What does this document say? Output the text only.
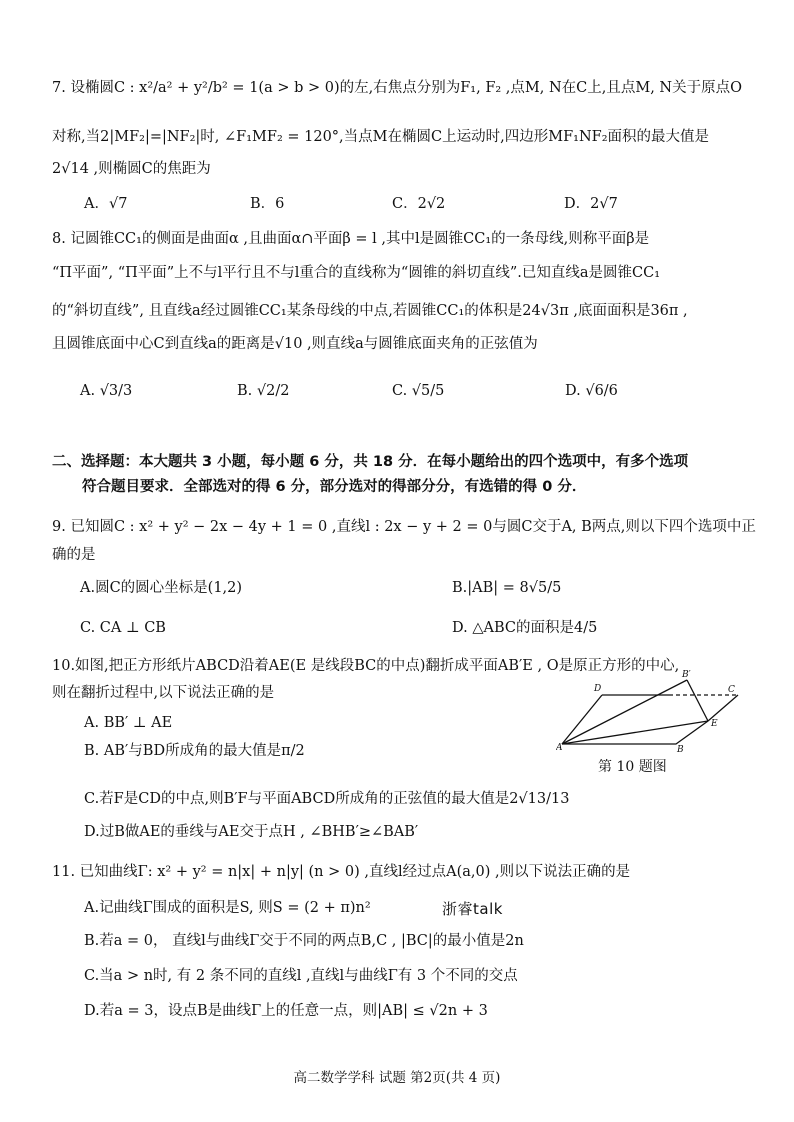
7. 设椭圆C : x²/a² + y²/b² = 1(a > b > 0)的左,右焦点分别为F₁, F₂ ,点M, N在C上,且点M, N关于原点O
对称,当2|MF₂|=|NF₂|时, ∠F₁MF₂ = 120°,当点M在椭圆C上运动时,四边形MF₁NF₂面积的最大值是
2√14 ,则椭圆C的焦距为
A．√7	B．6	C．2√2	D．2√7
8. 记圆锥CC₁的侧面是曲面α ,且曲面α∩平面β = l ,其中l是圆锥CC₁的一条母线,则称平面β是
“Π平面”, “Π平面”上不与l平行且不与l重合的直线称为“圆锥的斜切直线”.已知直线a是圆锥CC₁
的“斜切直线”, 且直线a经过圆锥CC₁某条母线的中点,若圆锥CC₁的体积是24√3π ,底面面积是36π ,
且圆锥底面中心C到直线a的距离是√10 ,则直线a与圆锥底面夹角的正弦值为
A. √3/3	B. √2/2	C. √5/5	D. √6/6
二、选择题：本大题共 3 小题，每小题 6 分，共 18 分．在每小题给出的四个选项中，有多个选项
符合题目要求．全部选对的得 6 分，部分选对的得部分分，有选错的得 0 分．
9. 已知圆C : x² + y² − 2x − 4y + 1 = 0 ,直线l : 2x − y + 2 = 0与圆C交于A, B两点,则以下四个选项中正
确的是
A.圆C的圆心坐标是(1,2)	B.|AB| = 8√5/5
C. CA ⊥ CB	D. △ABC的面积是4/5
10.如图,把正方形纸片ABCD沿着AE(E 是线段BC的中点)翻折成平面AB′E , O是原正方形的中心,
则在翻折过程中,以下说法正确的是
A. BB′ ⊥ AE
B. AB′与BD所成角的最大值是π/2
C.若F是CD的中点,则B′F与平面ABCD所成角的正弦值的最大值是2√13/13
D.过B做AE的垂线与AE交于点H , ∠BHB′≥∠BAB′
A	B
C
D
E
B′
第 10 题图
11. 已知曲线Γ: x² + y² = n|x| + n|y| (n > 0) ,直线l经过点A(a,0) ,则以下说法正确的是
A.记曲线Γ围成的面积是S, 则S = (2 + π)n²	浙睿talk
B.若a = 0， 直线l与曲线Γ交于不同的两点B,C , |BC|的最小值是2n
C.当a > n时, 有 2 条不同的直线l ,直线l与曲线Γ有 3 个不同的交点
D.若a = 3，设点B是曲线Γ上的任意一点，则|AB| ≤ √2n + 3
高二数学学科 试题 第2页(共 4 页)
